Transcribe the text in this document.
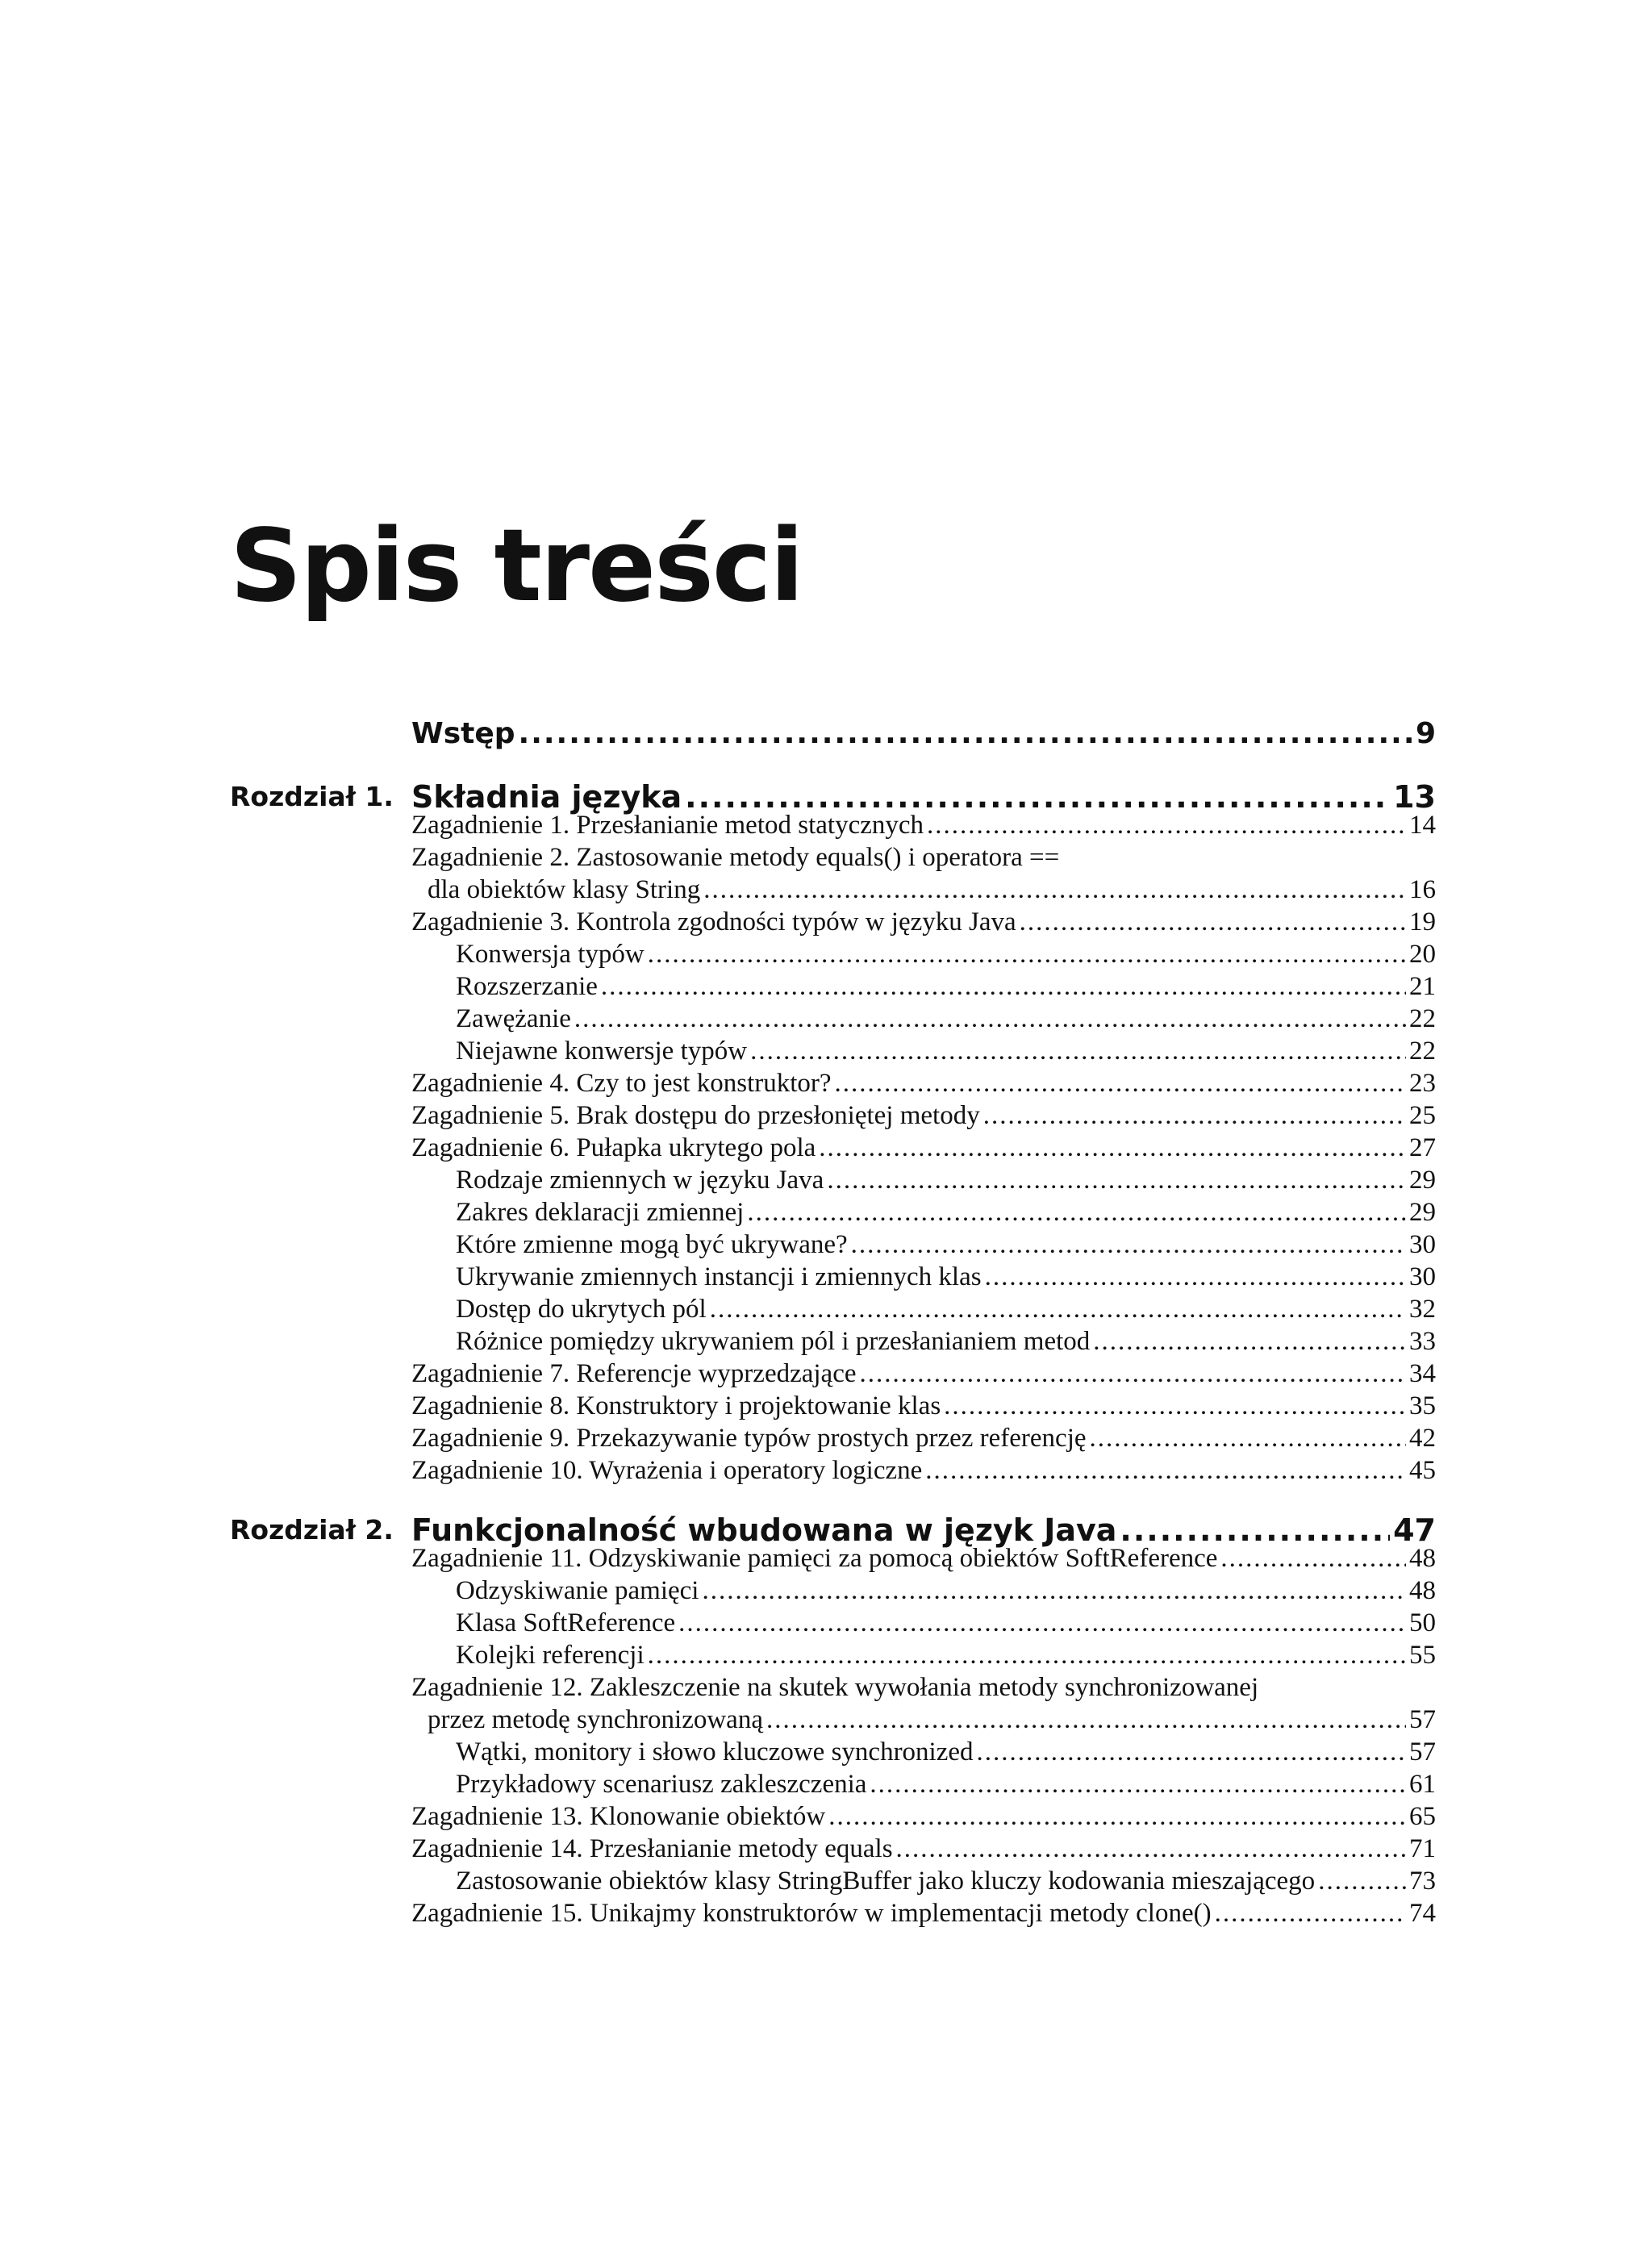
Spis treści
Wstęp .....	9
Rozdział 1. Składnia języka .....	13
Zagadnienie 1. Przesłanianie metod statycznych .....	14
Zagadnienie 2. Zastosowanie metody equals() i operatora ==
dla obiektów klasy String .....	16
Zagadnienie 3. Kontrola zgodności typów w języku Java .....	19
Konwersja typów .....	20
Rozszerzanie .....	21
Zawężanie .....	22
Niejawne konwersje typów .....	22
Zagadnienie 4. Czy to jest konstruktor? .....	23
Zagadnienie 5. Brak dostępu do przesłoniętej metody .....	25
Zagadnienie 6. Pułapka ukrytego pola .....	27
Rodzaje zmiennych w języku Java .....	29
Zakres deklaracji zmiennej .....	29
Które zmienne mogą być ukrywane? .....	30
Ukrywanie zmiennych instancji i zmiennych klas .....	30
Dostęp do ukrytych pól .....	32
Różnice pomiędzy ukrywaniem pól i przesłanianiem metod .....	33
Zagadnienie 7. Referencje wyprzedzające .....	34
Zagadnienie 8. Konstruktory i projektowanie klas .....	35
Zagadnienie 9. Przekazywanie typów prostych przez referencję .....	42
Zagadnienie 10. Wyrażenia i operatory logiczne .....	45
Rozdział 2. Funkcjonalność wbudowana w język Java .....	47
Zagadnienie 11. Odzyskiwanie pamięci za pomocą obiektów SoftReference .....	48
Odzyskiwanie pamięci .....	48
Klasa SoftReference .....	50
Kolejki referencji .....	55
Zagadnienie 12. Zakleszczenie na skutek wywołania metody synchronizowanej
przez metodę synchronizowaną .....	57
Wątki, monitory i słowo kluczowe synchronized .....	57
Przykładowy scenariusz zakleszczenia .....	61
Zagadnienie 13. Klonowanie obiektów .....	65
Zagadnienie 14. Przesłanianie metody equals .....	71
Zastosowanie obiektów klasy StringBuffer jako kluczy kodowania mieszającego .....	73
Zagadnienie 15. Unikajmy konstruktorów w implementacji metody clone() .....	74
